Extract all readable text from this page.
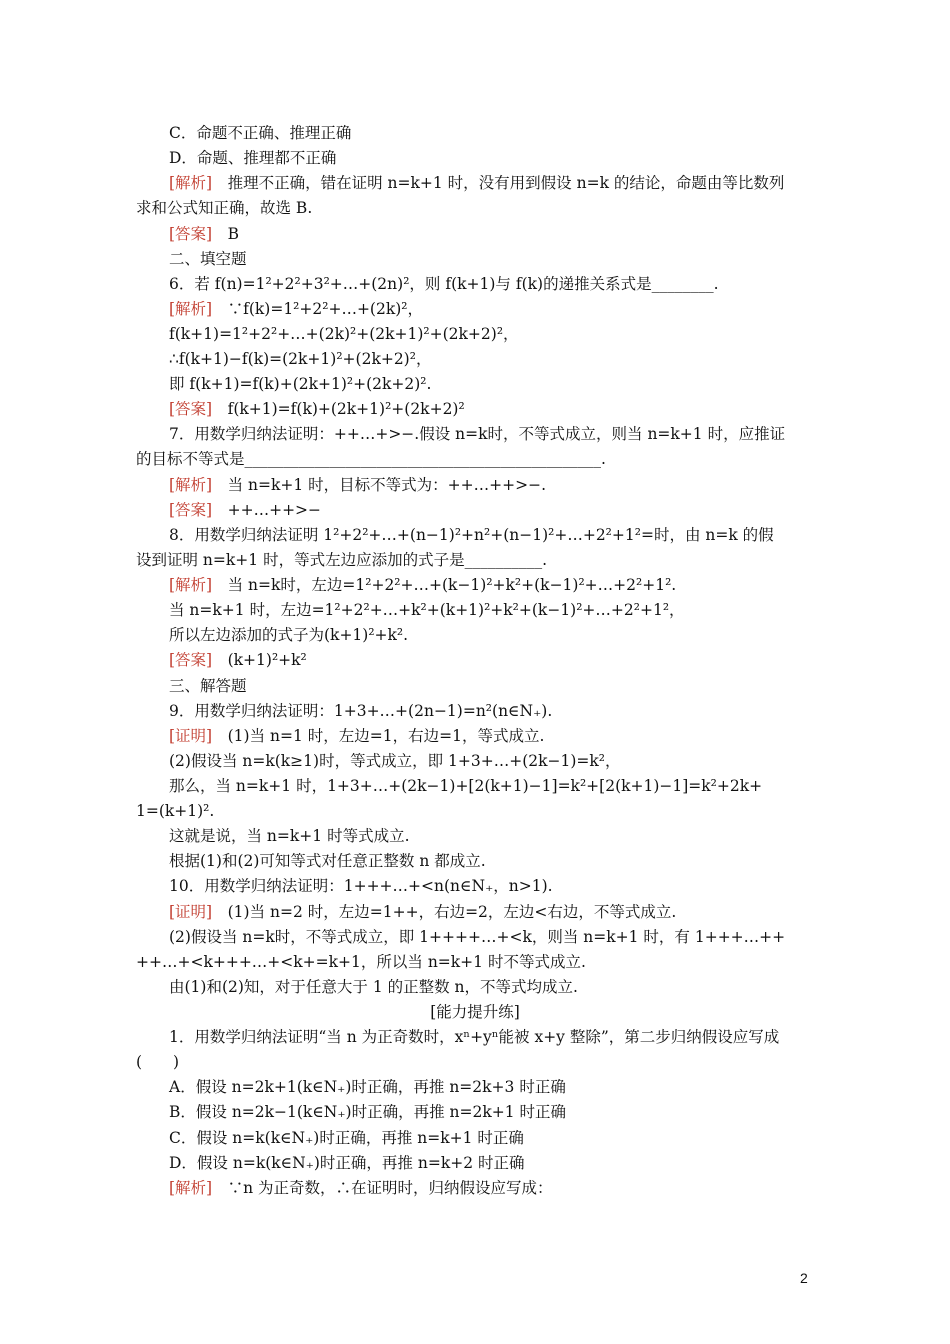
[能力提升练]
2
C．命题不正确、推理正确
D．命题、推理都不正确
[解析]　推理不正确，错在证明 n=k+1 时，没有用到假设 n=k 的结论，命题由等比数列
求和公式知正确，故选 B.
[答案]　B
二、填空题
6．若 f(n)=1²+2²+3²+…+(2n)²，则 f(k+1)与 f(k)的递推关系式是________.
[解析]　∵f(k)=1²+2²+…+(2k)²，
f(k+1)=1²+2²+…+(2k)²+(2k+1)²+(2k+2)²，
∴f(k+1)−f(k)=(2k+1)²+(2k+2)²，
即 f(k+1)=f(k)+(2k+1)²+(2k+2)².
[答案]　f(k+1)=f(k)+(2k+1)²+(2k+2)²
7．用数学归纳法证明：++…+>−.假设 n=k时，不等式成立，则当 n=k+1 时，应推证
的目标不等式是______________________________________________.
[解析]　当 n=k+1 时，目标不等式为：++…++>−.
[答案]　++…++>−
8．用数学归纳法证明 1²+2²+…+(n−1)²+n²+(n−1)²+…+2²+1²=时，由 n=k 的假
设到证明 n=k+1 时，等式左边应添加的式子是__________.
[解析]　当 n=k时，左边=1²+2²+…+(k−1)²+k²+(k−1)²+…+2²+1².
当 n=k+1 时，左边=1²+2²+…+k²+(k+1)²+k²+(k−1)²+…+2²+1²，
所以左边添加的式子为(k+1)²+k².
[答案]　(k+1)²+k²
三、解答题
9．用数学归纳法证明：1+3+…+(2n−1)=n²(n∈N₊).
[证明]　(1)当 n=1 时，左边=1，右边=1，等式成立.
(2)假设当 n=k(k≥1)时，等式成立，即 1+3+…+(2k−1)=k²，
那么，当 n=k+1 时，1+3+…+(2k−1)+[2(k+1)−1]=k²+[2(k+1)−1]=k²+2k+
1=(k+1)².
这就是说，当 n=k+1 时等式成立.
根据(1)和(2)可知等式对任意正整数 n 都成立.
10．用数学归纳法证明：1+++…+<n(n∈N₊，n>1).
[证明]　(1)当 n=2 时，左边=1++，右边=2，左边<右边，不等式成立.
(2)假设当 n=k时，不等式成立，即 1++++…+<k，则当 n=k+1 时，有 1+++…++
++…+<k+++…+<k+=k+1，所以当 n=k+1 时不等式成立.
由(1)和(2)知，对于任意大于 1 的正整数 n，不等式均成立.
1．用数学归纳法证明“当 n 为正奇数时，xⁿ+yⁿ能被 x+y 整除”，第二步归纳假设应写成
(　　)
A．假设 n=2k+1(k∈N₊)时正确，再推 n=2k+3 时正确
B．假设 n=2k−1(k∈N₊)时正确，再推 n=2k+1 时正确
C．假设 n=k(k∈N₊)时正确，再推 n=k+1 时正确
D．假设 n=k(k∈N₊)时正确，再推 n=k+2 时正确
[解析]　∵n 为正奇数，∴在证明时，归纳假设应写成：
